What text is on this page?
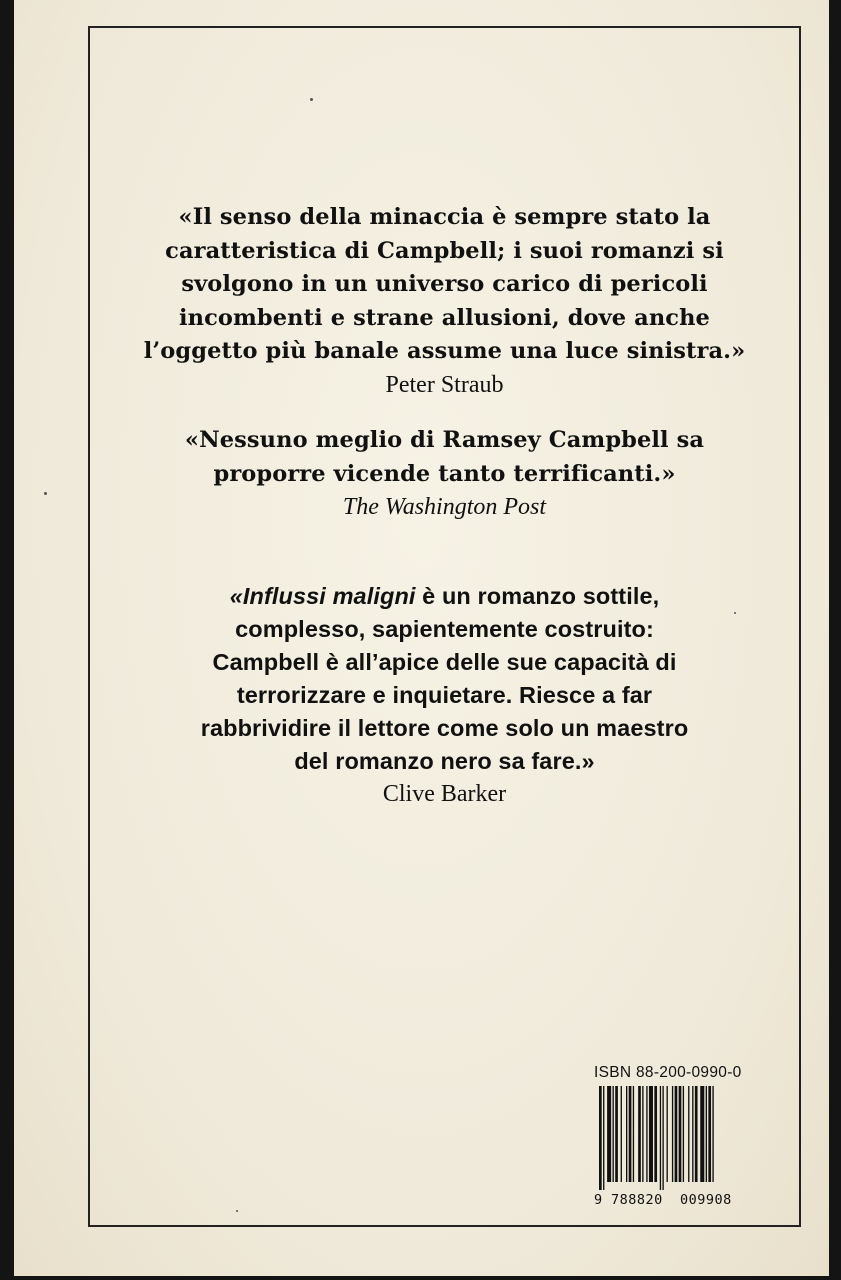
«Il senso della minaccia è sempre stato la
caratteristica di Campbell; i suoi romanzi si
svolgono in un universo carico di pericoli
incombenti e strane allusioni, dove anche
l’oggetto più banale assume una luce sinistra.»
Peter Straub
«Nessuno meglio di Ramsey Campbell sa
proporre vicende tanto terrificanti.»
The Washington Post
«Influssi maligni è un romanzo sottile,
complesso, sapientemente costruito:
Campbell è all’apice delle sue capacità di
terrorizzare e inquietare. Riesce a far
rabbrividire il lettore come solo un maestro
del romanzo nero sa fare.»
Clive Barker
ISBN 88-200-0990-0
9 788820 009908
